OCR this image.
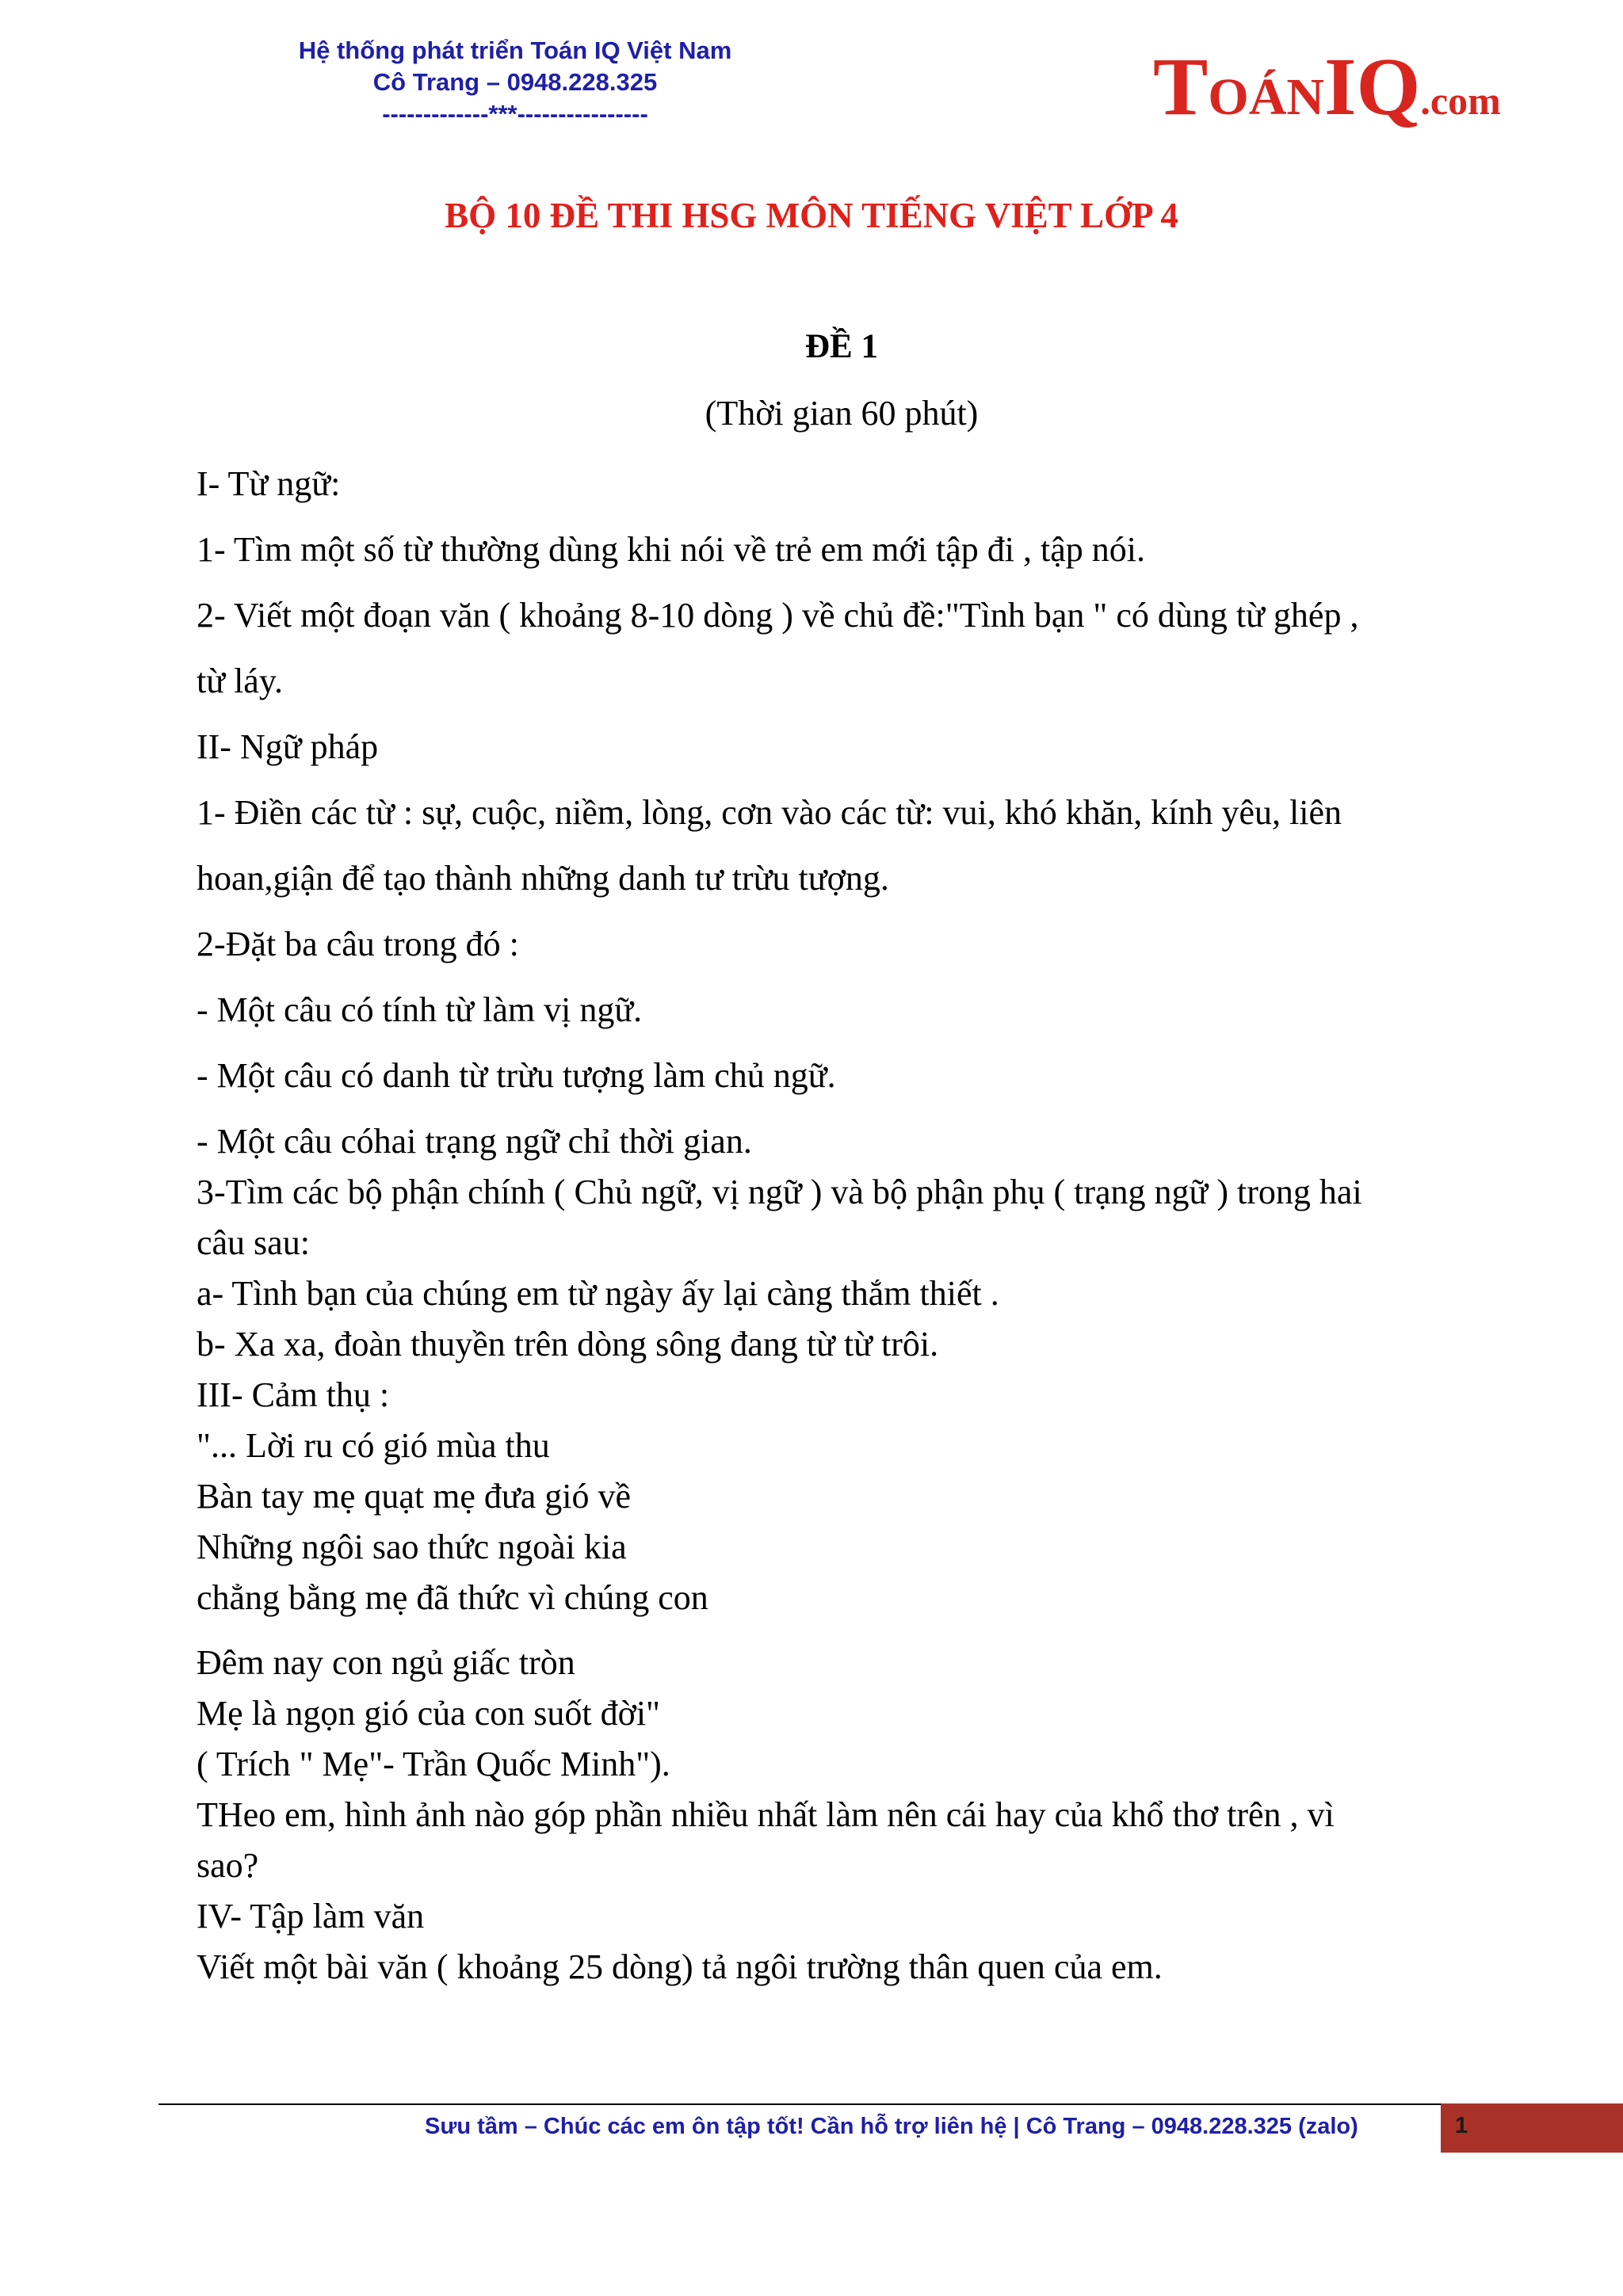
Hệ thống phát triển Toán IQ Việt Nam
Cô Trang – 0948.228.325
-------------***----------------	TOÁNIQ.com
BỘ 10 ĐỀ THI HSG MÔN TIẾNG VIỆT LỚP 4
ĐỀ 1
(Thời gian 60 phút)
I- Từ ngữ:
1- Tìm một số từ thường dùng khi nói về trẻ em mới tập đi , tập nói.
2- Viết một đoạn văn ( khoảng 8-10 dòng ) về chủ đề:"Tình bạn " có dùng từ ghép ,
từ láy.
II- Ngữ pháp
1- Điền các từ : sự, cuộc, niềm, lòng, cơn vào các từ: vui, khó khăn, kính yêu, liên
hoan,giận để tạo thành những danh tư trừu tượng.
2-Đặt ba câu trong đó :
- Một câu có tính từ làm vị ngữ.
- Một câu có danh từ trừu tượng làm chủ ngữ.
- Một câu cóhai trạng ngữ chỉ thời gian.
3-Tìm các bộ phận chính ( Chủ ngữ, vị ngữ ) và bộ phận phụ ( trạng ngữ ) trong hai
câu sau:
a- Tình bạn của chúng em từ ngày ấy lại càng thắm thiết .
b- Xa xa, đoàn thuyền trên dòng sông đang từ từ trôi.
III- Cảm thụ :
"... Lời ru có gió mùa thu
Bàn tay mẹ quạt mẹ đưa gió về
Những ngôi sao thức ngoài kia
chẳng bằng mẹ đã thức vì chúng con
Đêm nay con ngủ giấc tròn
Mẹ là ngọn gió của con suốt đời"
( Trích " Mẹ"- Trần Quốc Minh").
THeo em, hình ảnh nào góp phần nhiều nhất làm nên cái hay của khổ thơ trên , vì
sao?
IV- Tập làm văn
Viết một bài văn ( khoảng 25 dòng) tả ngôi trường thân quen của em.
Sưu tầm – Chúc các em ôn tập tốt! Cần hỗ trợ liên hệ | Cô Trang – 0948.228.325 (zalo)	1
